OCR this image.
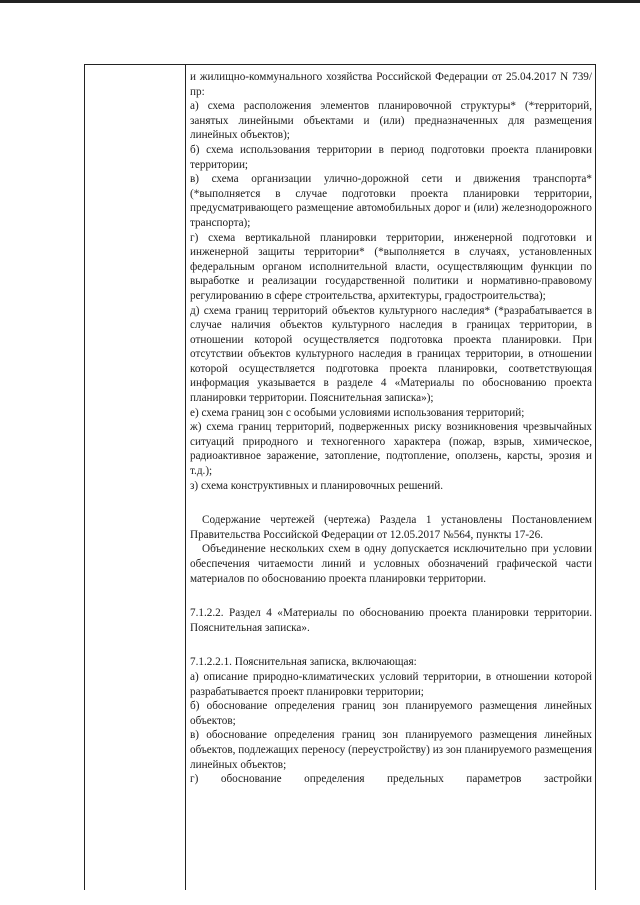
и жилищно-коммунального хозяйства Российской Федерации от 25.04.2017 N 739/пр:

а) схема расположения элементов планировочной структуры* (*территорий, занятых линейными объектами и (или) предназначенных для размещения линейных объектов);

б) схема использования территории в период подготовки проекта планировки территории;

в) схема организации улично-дорожной сети и движения транспорта* (*выполняется в случае подготовки проекта планировки территории, предусматривающего размещение автомобильных дорог и (или) железнодорожного транспорта);

г) схема вертикальной планировки территории, инженерной подготовки и инженерной защиты территории* (*выполняется в случаях, установленных федеральным органом исполнительной власти, осуществляющим функции по выработке и реализации государственной политики и нормативно-правовому регулированию в сфере строительства, архитектуры, градостроительства);

д) схема границ территорий объектов культурного наследия* (*разрабатывается в случае наличия объектов культурного наследия в границах территории, в отношении которой осуществляется подготовка проекта планировки. При отсутствии объектов культурного наследия в границах территории, в отношении которой осуществляется подготовка проекта планировки, соответствующая информация указывается в разделе 4 «Материалы по обоснованию проекта планировки территории. Пояснительная записка»);

е) схема границ зон с особыми условиями использования территорий;

ж) схема границ территорий, подверженных риску возникновения чрезвычайных ситуаций природного и техногенного характера (пожар, взрыв, химическое, радиоактивное заражение, затопление, подтопление, оползень, карсты, эрозия и т.д.);

з) схема конструктивных и планировочных решений.

Содержание чертежей (чертежа) Раздела 1 установлены Постановлением Правительства Российской Федерации от 12.05.2017 №564, пункты 17-26.

Объединение нескольких схем в одну допускается исключительно при условии обеспечения читаемости линий и условных обозначений графической части материалов по обоснованию проекта планировки территории.

7.1.2.2. Раздел 4 «Материалы по обоснованию проекта планировки территории. Пояснительная записка».

7.1.2.2.1. Пояснительная записка, включающая:

а) описание природно-климатических условий территории, в отношении которой разрабатывается проект планировки территории;

б) обоснование определения границ зон планируемого размещения линейных объектов;

в) обоснование определения границ зон планируемого размещения линейных объектов, подлежащих переносу (переустройству) из зон планируемого размещения линейных объектов;

г) обоснование определения предельных параметров застройки
